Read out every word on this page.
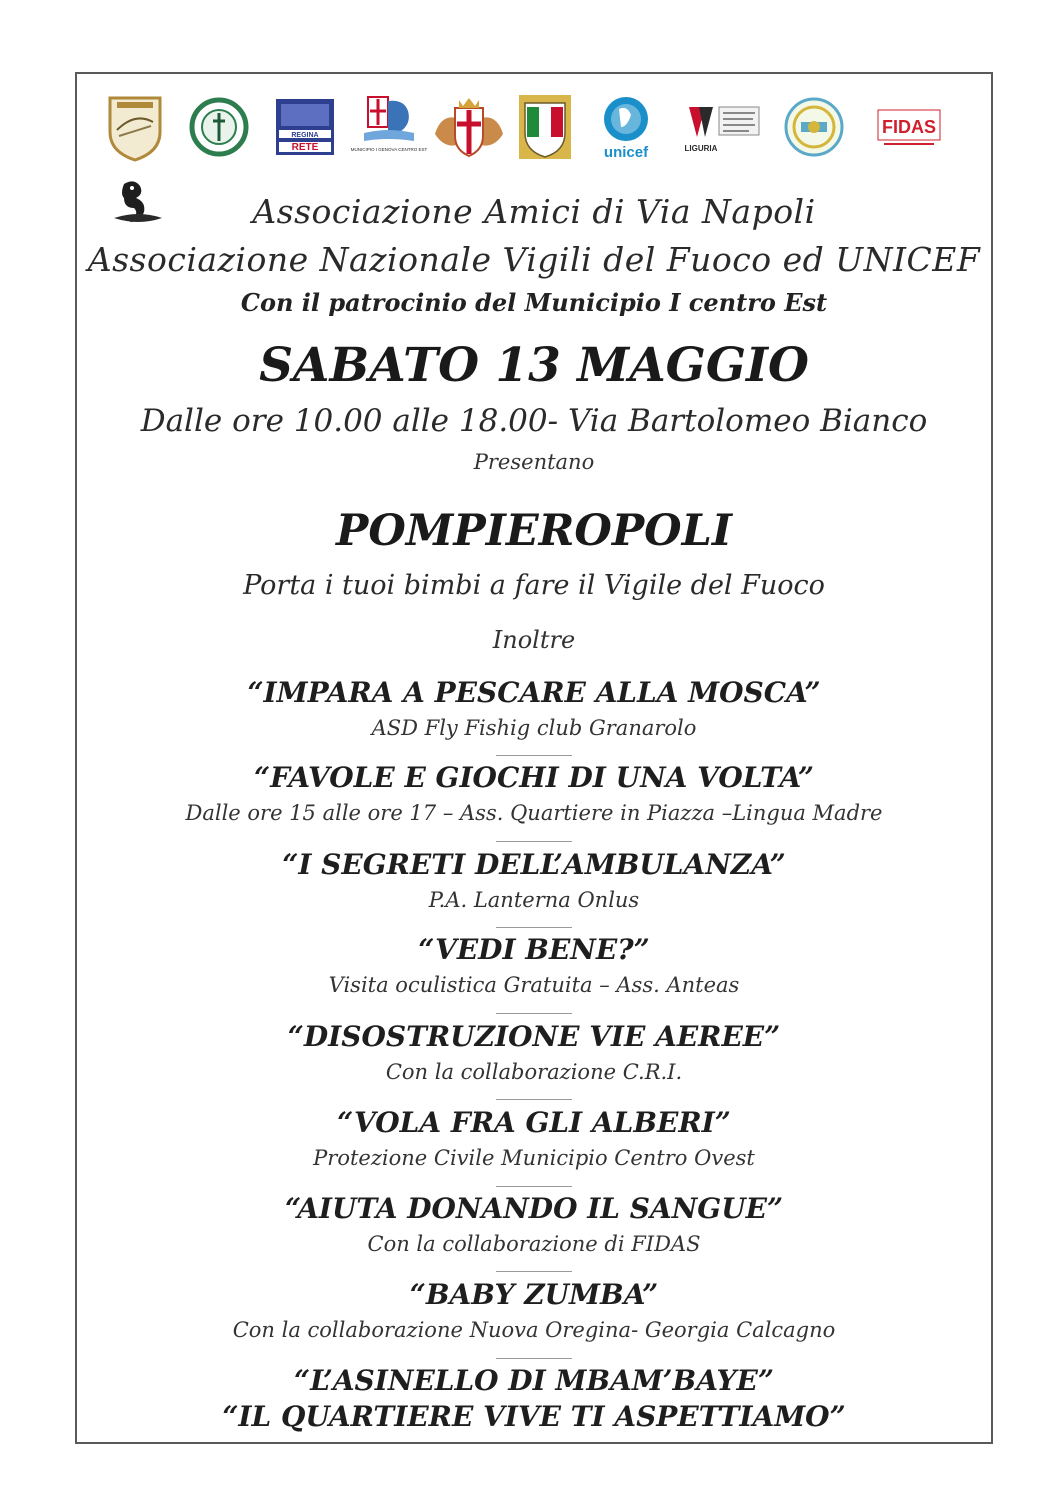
REGINA
RETE	MUNICIPIO I GENOVA CENTRO EST	unicef	LIGURIA
FIDAS
Associazione Amici di Via Napoli
Associazione Nazionale Vigili del Fuoco ed UNICEF
Con il patrocinio del Municipio I centro Est
SABATO 13 MAGGIO
Dalle ore 10.00 alle 18.00- Via Bartolomeo Bianco
Presentano
POMPIEROPOLI
Porta i tuoi bimbi a fare il Vigile del Fuoco
Inoltre
“IMPARA A PESCARE ALLA MOSCA”
ASD Fly Fishig club Granarolo
“FAVOLE E GIOCHI DI UNA VOLTA”
Dalle ore 15 alle ore 17 – Ass. Quartiere in Piazza –Lingua Madre
“I SEGRETI DELL’AMBULANZA”
P.A. Lanterna Onlus
“VEDI BENE?”
Visita oculistica Gratuita – Ass. Anteas
“DISOSTRUZIONE VIE AEREE”
Con la collaborazione C.R.I.
“VOLA FRA GLI ALBERI”
Protezione Civile Municipio Centro Ovest
“AIUTA DONANDO IL SANGUE”
Con la collaborazione di FIDAS
“BABY ZUMBA”
Con la collaborazione Nuova Oregina- Georgia Calcagno
“L’ASINELLO DI MBAM’BAYE”
“IL QUARTIERE VIVE TI ASPETTIAMO”
